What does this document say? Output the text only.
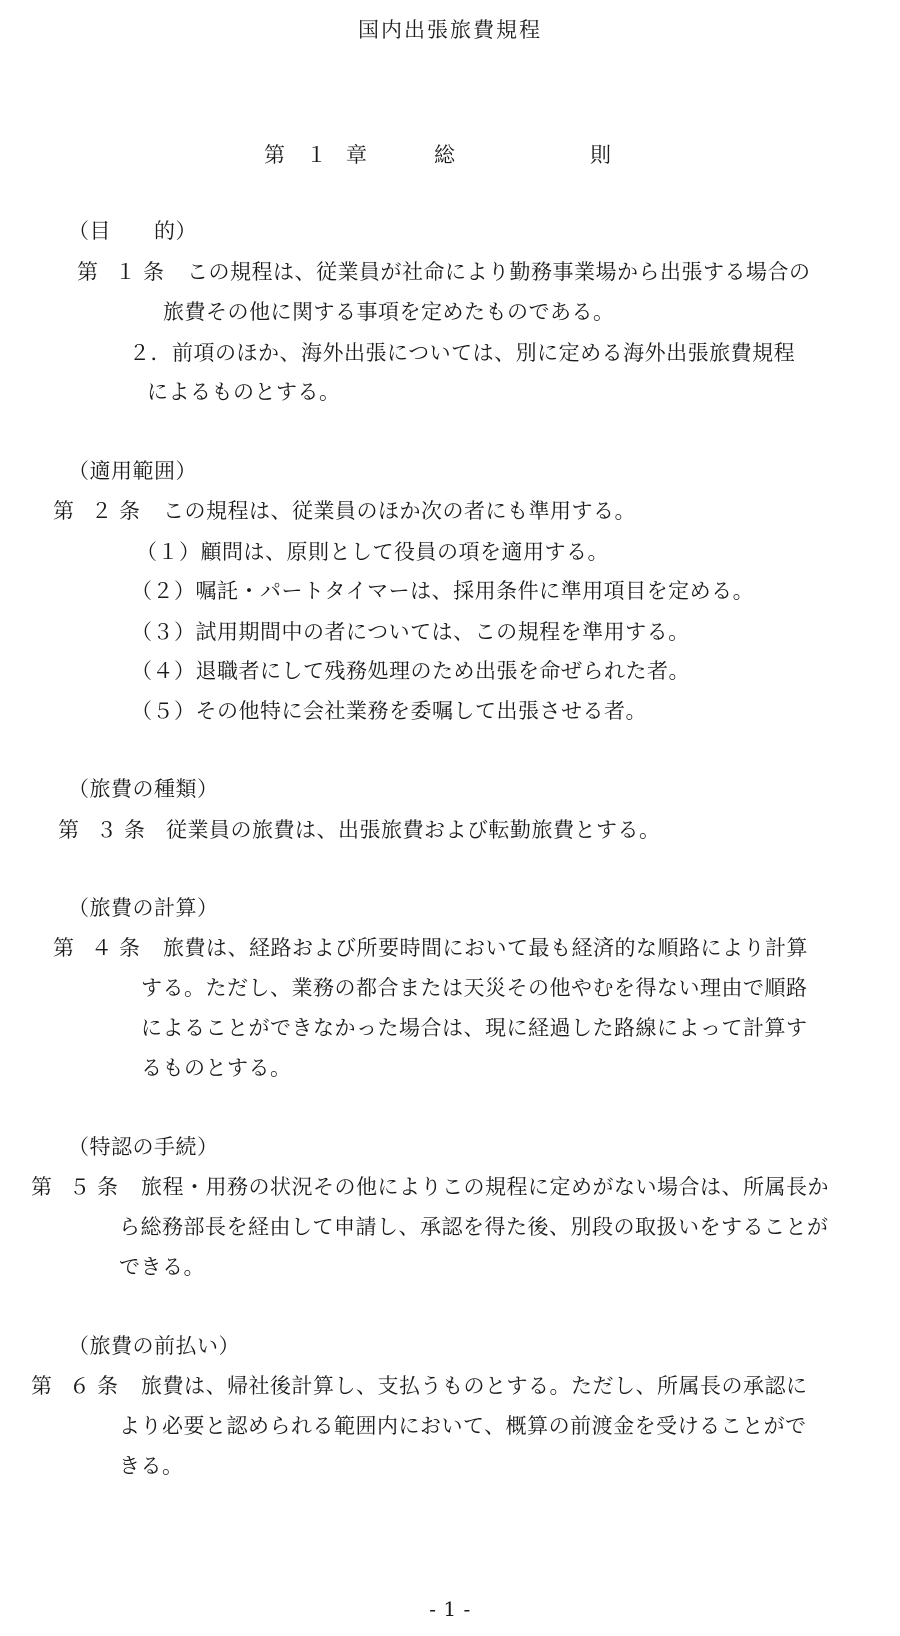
国内出張旅費規程
第 １ 章	総	則
（目　　的）
第 １ 条 この規程は、従業員が社命により勤務事業場から出張する場合の
旅費その他に関する事項を定めたものである。
２．前項のほか、海外出張については、別に定める海外出張旅費規程
によるものとする。
（適用範囲）
第 ２ 条 この規程は、従業員のほか次の者にも準用する。
（１）顧問は、原則として役員の項を適用する。
（２）嘱託・パートタイマーは、採用条件に準用項目を定める。
（３）試用期間中の者については、この規程を準用する。
（４）退職者にして残務処理のため出張を命ぜられた者。
（５）その他特に会社業務を委嘱して出張させる者。
（旅費の種類）
第 ３ 条 従業員の旅費は、出張旅費および転勤旅費とする。
（旅費の計算）
第 ４ 条 旅費は、経路および所要時間において最も経済的な順路により計算
する。ただし、業務の都合または天災その他やむを得ない理由で順路
によることができなかった場合は、現に経過した路線によって計算す
るものとする。
（特認の手続）
第 ５ 条 旅程・用務の状況その他によりこの規程に定めがない場合は、所属長か
ら総務部長を経由して申請し、承認を得た後、別段の取扱いをすることが
できる。
（旅費の前払い）
第 ６ 条 旅費は、帰社後計算し、支払うものとする。ただし、所属長の承認に
より必要と認められる範囲内において、概算の前渡金を受けることがで
きる。
- 1 -
